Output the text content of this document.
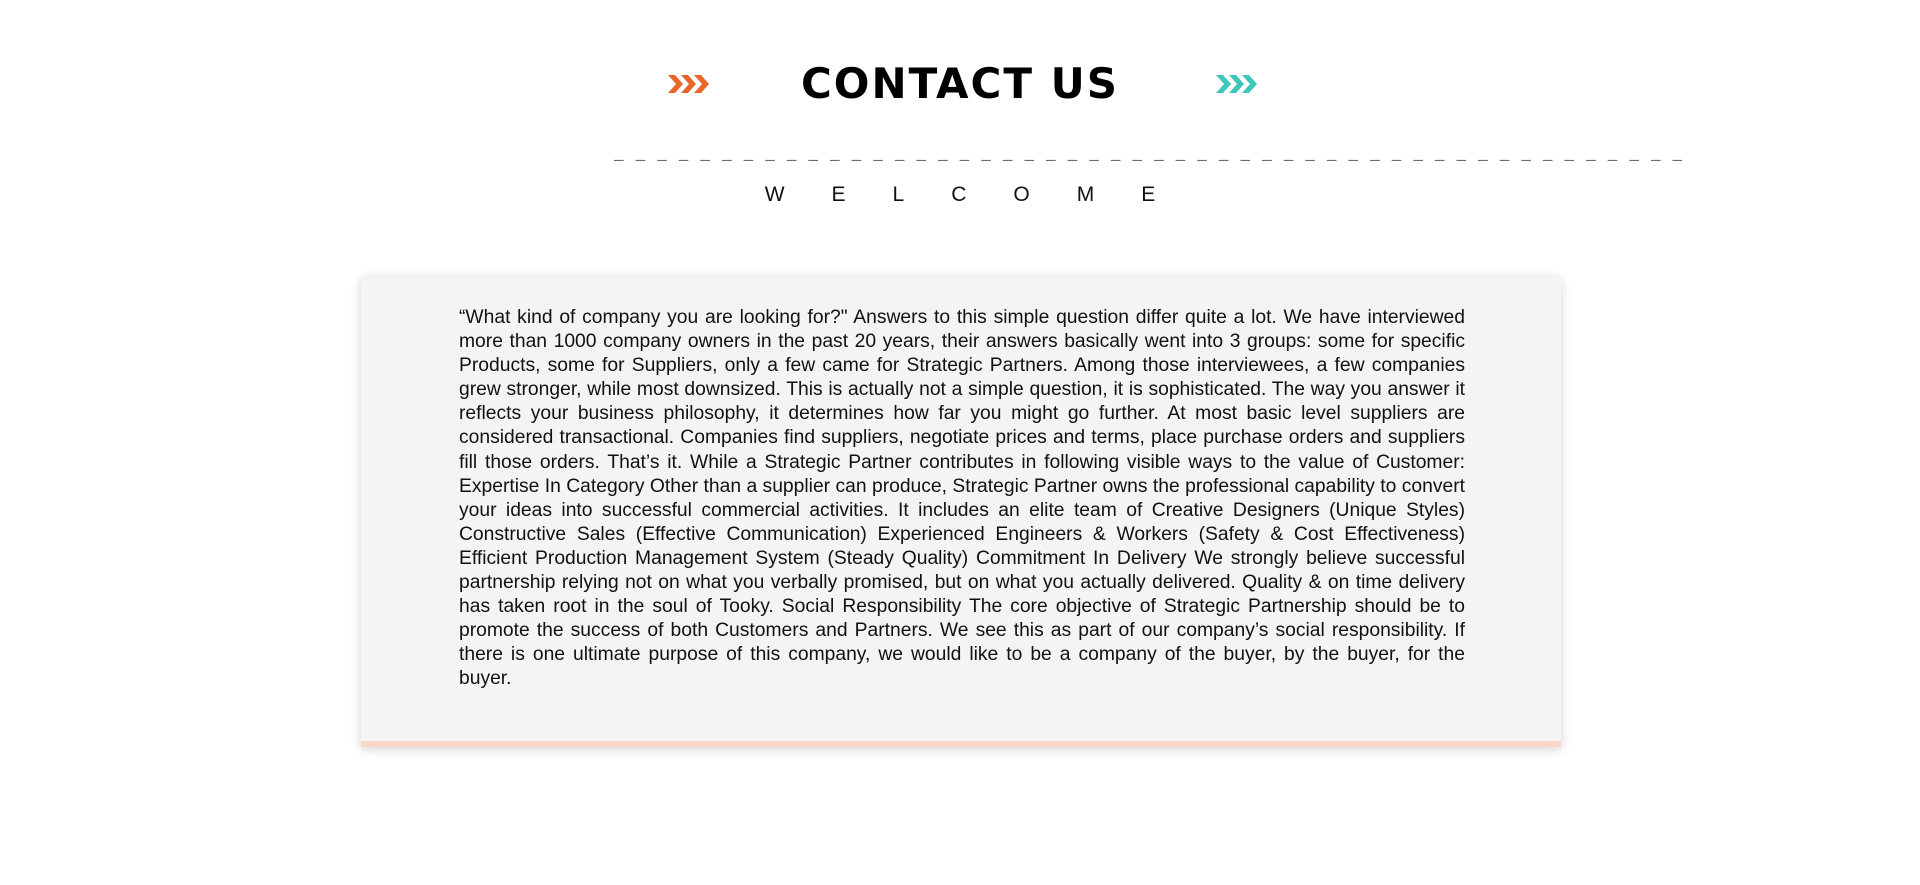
CONTACT US
_ _ _ _ _ _ _ _ _ _ _ _ _ _ _ _ _ _ _ _ _ _ _ _ _ _ _ _ _ _ _ _ _ _ _ _ _ _ _ _ _ _ _ _ _ _ _ _ _ _
WELCOME

“What kind of company you are looking for?" Answers to this simple question differ quite a lot. We have interviewed more than 1000 company owners in the past 20 years, their answers basically went into 3 groups: some for specific Products, some for Suppliers, only a few came for Strategic Partners. Among those interviewees, a few companies grew stronger, while most downsized. This is actually not a simple question, it is sophisticated. The way you answer it reflects your business philosophy, it determines how far you might go further. At most basic level suppliers are considered transactional. Companies find suppliers, negotiate prices and terms, place purchase orders and suppliers fill those orders. That’s it. While a Strategic Partner contributes in following visible ways to the value of Customer: Expertise In Category Other than a supplier can produce, Strategic Partner owns the professional capability to convert your ideas into successful commercial activities. It includes an elite team of Creative Designers (Unique Styles) Constructive Sales (Effective Communication) Experienced Engineers & Workers (Safety & Cost Effectiveness) Efficient Production Management System (Steady Quality) Commitment In Delivery We strongly believe successful partnership relying not on what you verbally promised, but on what you actually delivered. Quality & on time delivery has taken root in the soul of Tooky. Social Responsibility The core objective of Strategic Partnership should be to promote the success of both Customers and Partners. We see this as part of our company’s social responsibility. If there is one ultimate purpose of this company, we would like to be a company of the buyer, by the buyer, for the buyer.
